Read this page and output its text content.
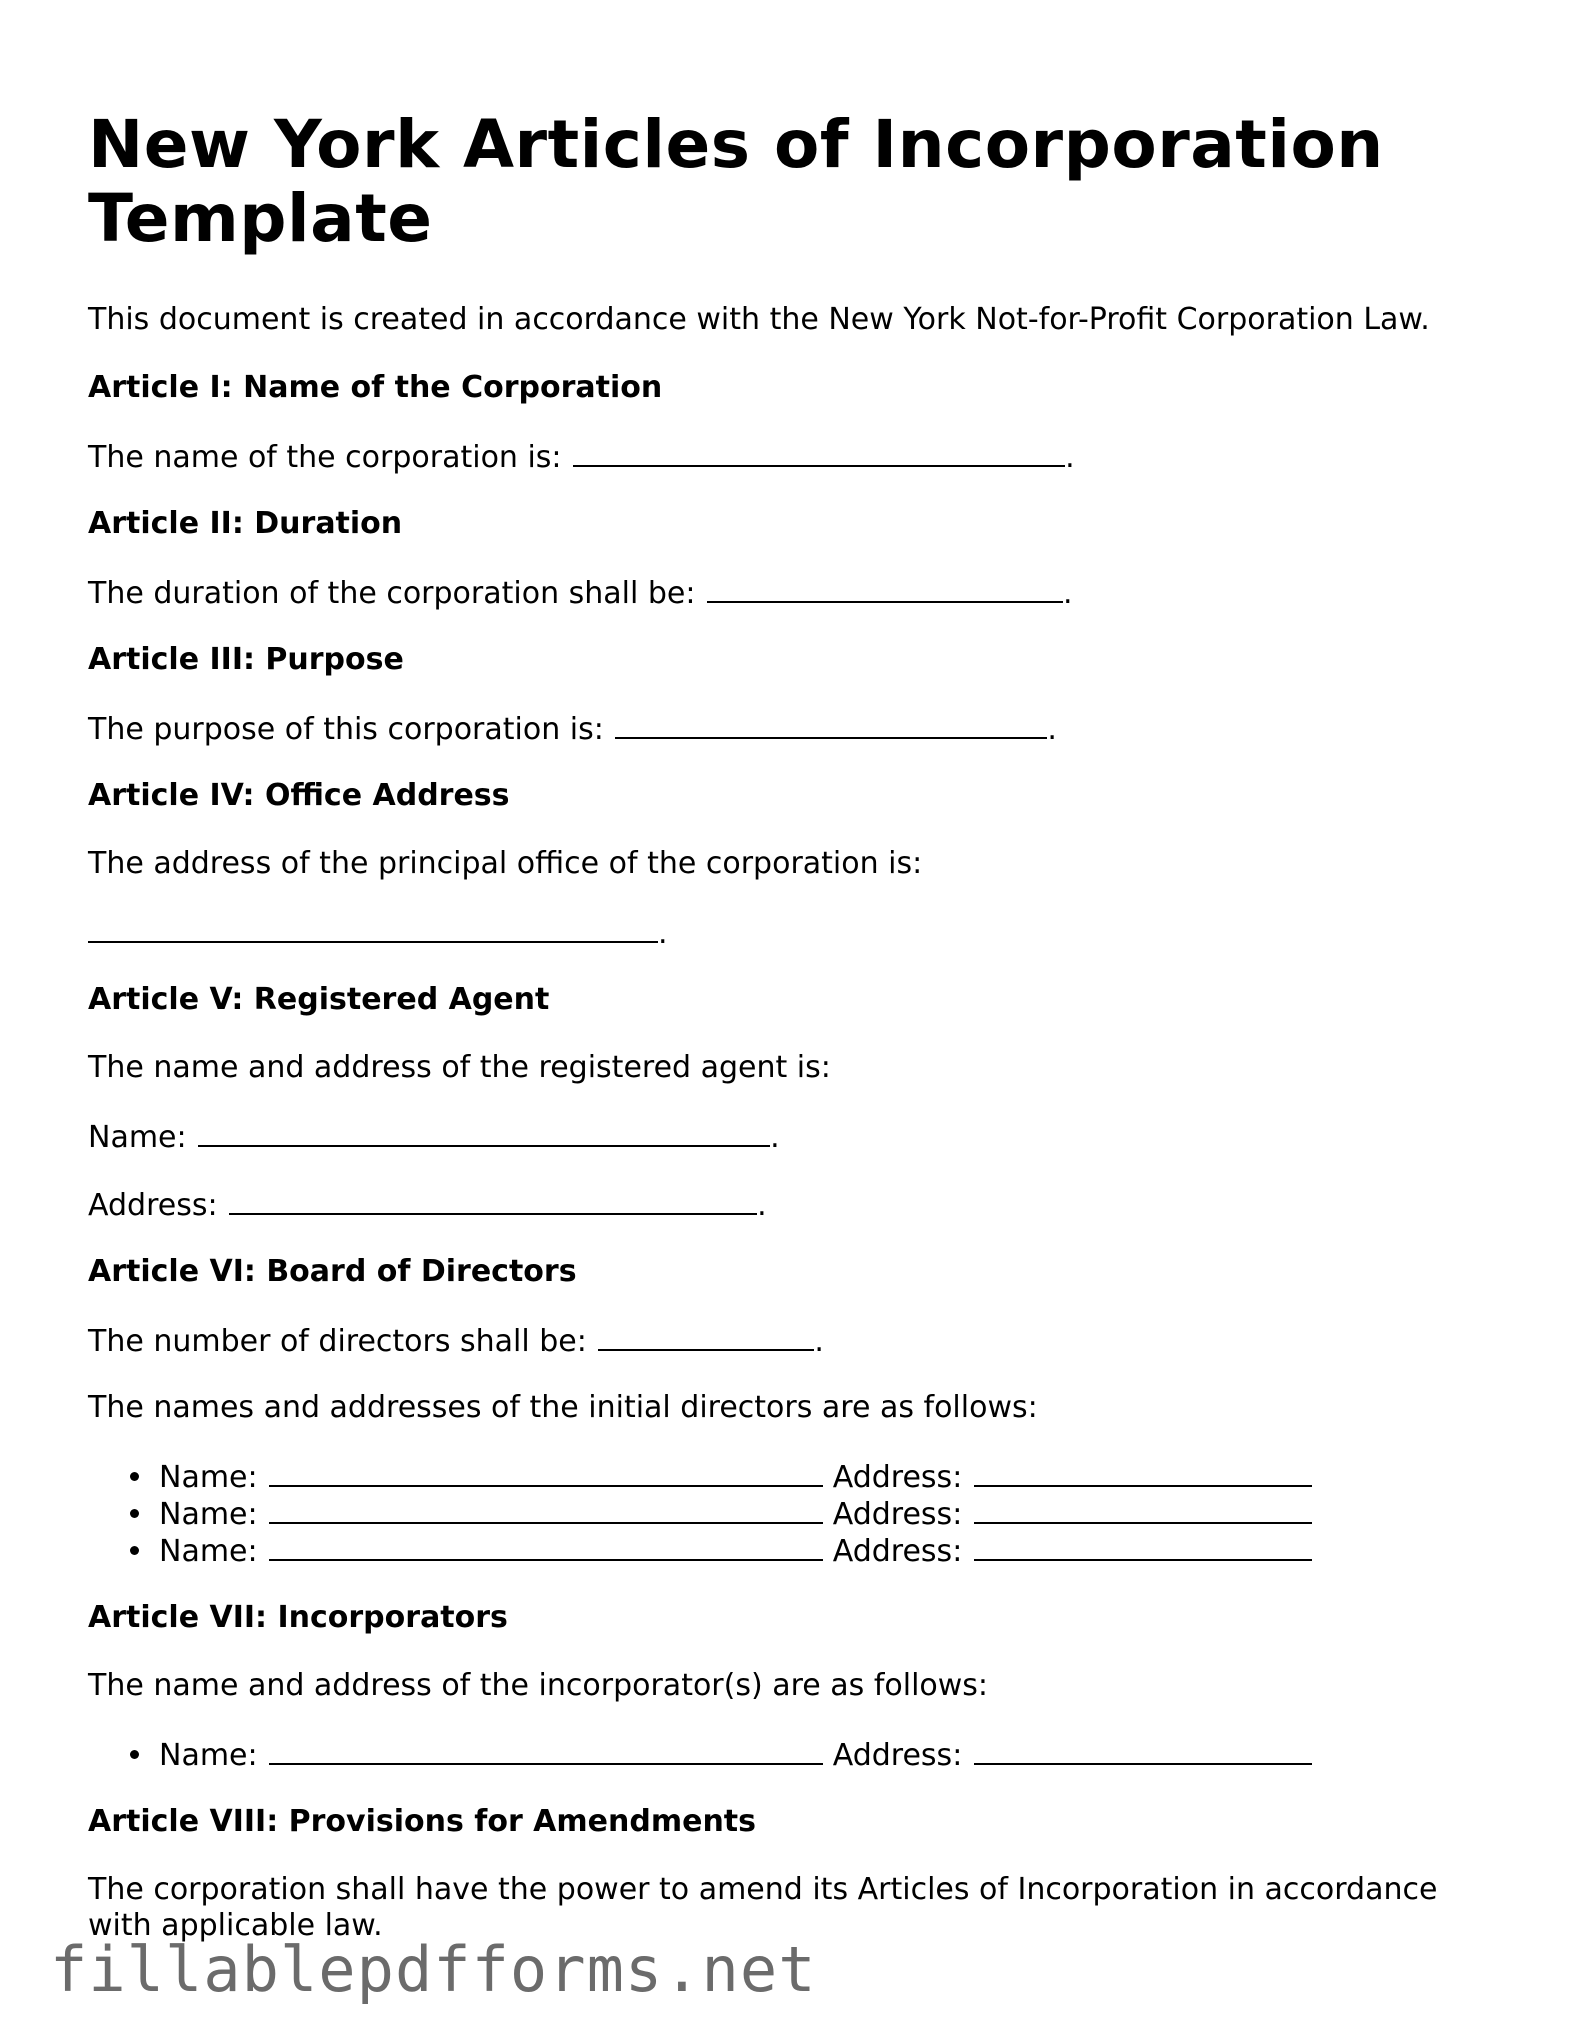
New York Articles of Incorporation Template

This document is created in accordance with the New York Not-for-Profit Corporation Law.

Article I: Name of the Corporation

The name of the corporation is:	.

Article II: Duration

The duration of the corporation shall be:	.

Article III: Purpose

The purpose of this corporation is:	.

Article IV: Office Address

The address of the principal office of the corporation is:

.

Article V: Registered Agent

The name and address of the registered agent is:

Name:	.

Address:	.

Article VI: Board of Directors

The number of directors shall be:	.

The names and addresses of the initial directors are as follows:

Name:	Address:

Name:	Address:

Name:	Address:

Article VII: Incorporators

The name and address of the incorporator(s) are as follows:

Name:	Address:

Article VIII: Provisions for Amendments

The corporation shall have the power to amend its Articles of Incorporation in accordance with applicable law.

fillablepdfforms.net
